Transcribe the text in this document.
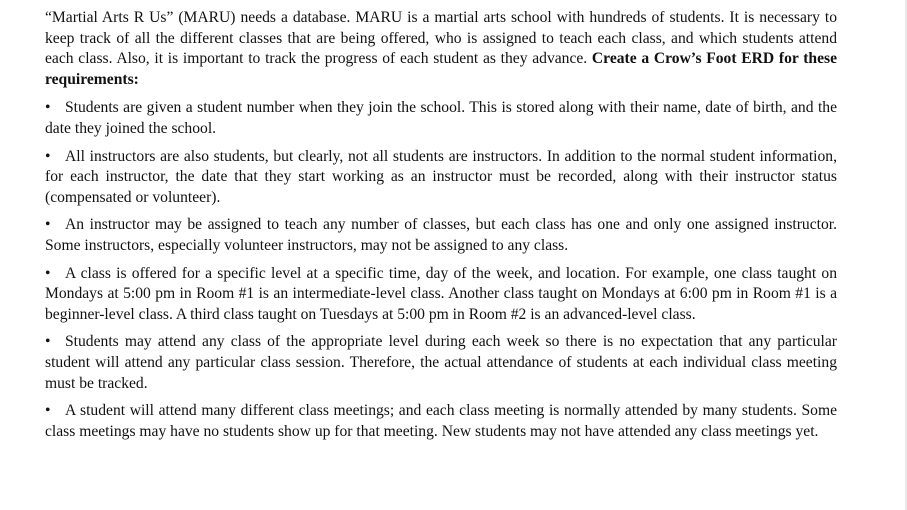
“Martial Arts R Us” (MARU) needs a database. MARU is a martial arts school with hundreds of students. It is necessary to keep track of all the different classes that are being offered, who is assigned to teach each class, and which students attend each class. Also, it is important to track the progress of each student as they advance. Create a Crow’s Foot ERD for these requirements:

• Students are given a student number when they join the school. This is stored along with their name, date of birth, and the date they joined the school.

• All instructors are also students, but clearly, not all students are instructors. In addition to the normal student information, for each instructor, the date that they start working as an instructor must be recorded, along with their instructor status (compensated or volunteer).

• An instructor may be assigned to teach any number of classes, but each class has one and only one assigned instructor. Some instructors, especially volunteer instructors, may not be assigned to any class.

• A class is offered for a specific level at a specific time, day of the week, and location. For example, one class taught on Mondays at 5:00 pm in Room #1 is an intermediate-level class. Another class taught on Mondays at 6:00 pm in Room #1 is a beginner-level class. A third class taught on Tuesdays at 5:00 pm in Room #2 is an advanced-level class.

• Students may attend any class of the appropriate level during each week so there is no expectation that any particular student will attend any particular class session. Therefore, the actual attendance of students at each individual class meeting must be tracked.

• A student will attend many different class meetings; and each class meeting is normally attended by many students. Some class meetings may have no students show up for that meeting. New students may not have attended any class meetings yet.
